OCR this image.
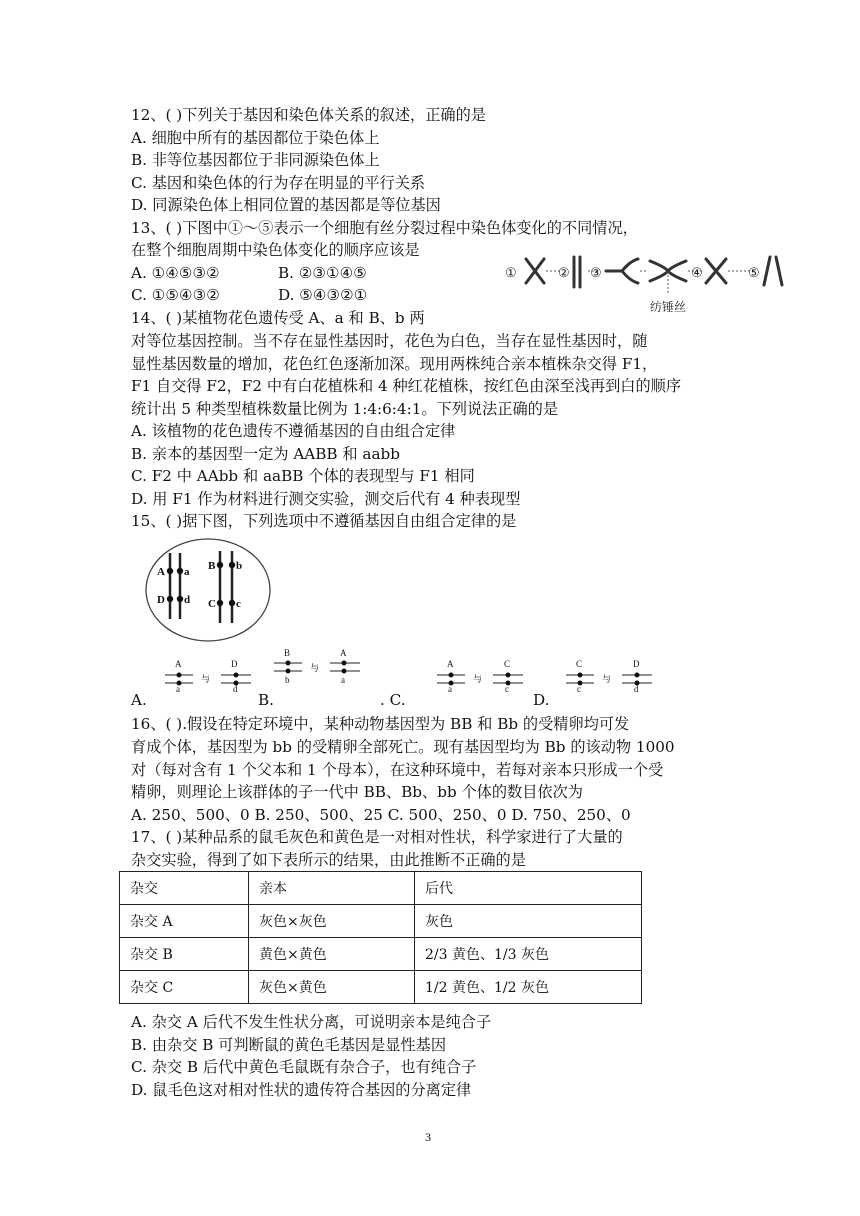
12、( )下列关于基因和染色体关系的叙述，正确的是
A. 细胞中所有的基因都位于染色体上
B. 非等位基因都位于非同源染色体上
C. 基因和染色体的行为存在明显的平行关系
D. 同源染色体上相同位置的基因都是等位基因
13、( )下图中①～⑤表示一个细胞有丝分裂过程中染色体变化的不同情况，
在整个细胞周期中染色体变化的顺序应该是
A. ①④⑤③②	B. ②③①④⑤
C. ①⑤④③②	D. ⑤④③②①
①	② ③	④	⑤
纺锤丝
14、( )某植物花色遗传受 A、a 和 B、b 两
对等位基因控制。当不存在显性基因时，花色为白色，当存在显性基因时，随
显性基因数量的增加，花色红色逐渐加深。现用两株纯合亲本植株杂交得 F1，
F1 自交得 F2，F2 中有白花植株和 4 种红花植株，按红色由深至浅再到白的顺序
统计出 5 种类型植株数量比例为 1:4:6:4:1。下列说法正确的是
A. 该植物的花色遗传不遵循基因的自由组合定律
B. 亲本的基因型一定为 AABB 和 aabb
C. F2 中 AAbb 和 aaBB 个体的表现型与 F1 相同
D. 用 F1 作为材料进行测交实验，测交后代有 4 种表现型
15、( )据下图，下列选项中不遵循基因自由组合定律的是
A a
D d
B b
C c
A
a
D
d
与
B
b
A
a
与	A
a
C
c
与
C
c
D
d
与
A.	B.	. C.	D.
16、( ).假设在特定环境中，某种动物基因型为 BB 和 Bb 的受精卵均可发
育成个体，基因型为 bb 的受精卵全部死亡。现有基因型均为 Bb 的该动物 1000
对（每对含有 1 个父本和 1 个母本），在这种环境中，若每对亲本只形成一个受
精卵，则理论上该群体的子一代中 BB、Bb、bb 个体的数目依次为
A. 250、500、0 B. 250、500、25 C. 500、250、0 D. 750、250、0
17、( )某种品系的鼠毛灰色和黄色是一对相对性状，科学家进行了大量的
杂交实验，得到了如下表所示的结果，由此推断不正确的是
杂交	亲本	后代
杂交 A	灰色×灰色	灰色
杂交 B	黄色×黄色	2/3 黄色、1/3 灰色
杂交 C	灰色×黄色	1/2 黄色、1/2 灰色
A. 杂交 A 后代不发生性状分离，可说明亲本是纯合子
B. 由杂交 B 可判断鼠的黄色毛基因是显性基因
C. 杂交 B 后代中黄色毛鼠既有杂合子，也有纯合子
D. 鼠毛色这对相对性状的遗传符合基因的分离定律
3
